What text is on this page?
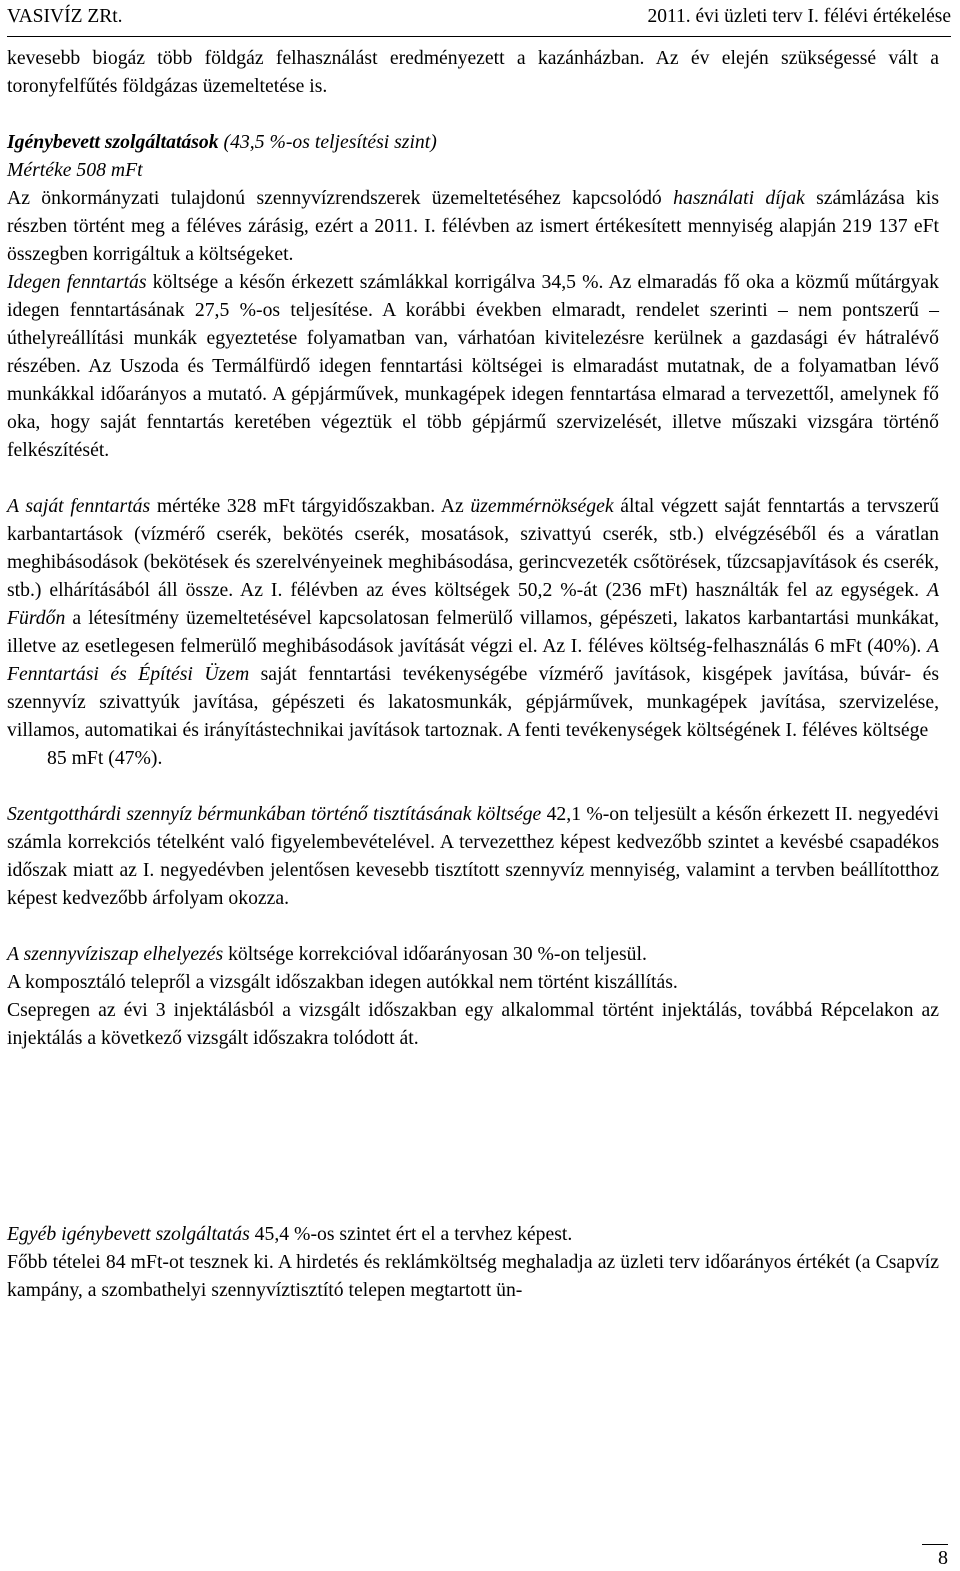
VASIVÍZ ZRt.	2011. évi üzleti terv I. félévi értékelése

kevesebb biogáz több földgáz felhasználást eredményezett a kazánházban. Az év elején szükségessé vált a toronyfelfűtés földgázas üzemeltetése is.

Igénybevett szolgáltatások (43,5 %-os teljesítési szint)

Mértéke 508 mFt

Az önkormányzati tulajdonú szennyvízrendszerek üzemeltetéséhez kapcsolódó használati díjak számlázása kis részben történt meg a féléves zárásig, ezért a 2011. I. félévben az ismert értékesített mennyiség alapján 219 137 eFt összegben korrigáltuk a költségeket.

Idegen fenntartás költsége a későn érkezett számlákkal korrigálva 34,5 %. Az elmaradás fő oka a közmű műtárgyak idegen fenntartásának 27,5 %-os teljesítése. A korábbi években elmaradt, rendelet szerinti – nem pontszerű – úthelyreállítási munkák egyeztetése folyamatban van, várhatóan kivitelezésre kerülnek a gazdasági év hátralévő részében. Az Uszoda és Termálfürdő idegen fenntartási költségei is elmaradást mutatnak, de a folyamatban lévő munkákkal időarányos a mutató. A gépjárművek, munkagépek idegen fenntartása elmarad a tervezettől, amelynek fő oka, hogy saját fenntartás keretében végeztük el több gépjármű szervizelését, illetve műszaki vizsgára történő felkészítését.

A saját fenntartás mértéke 328 mFt tárgyidőszakban. Az üzemmérnökségek által végzett saját fenntartás a tervszerű karbantartások (vízmérő cserék, bekötés cserék, mosatások, szivattyú cserék, stb.) elvégzéséből és a váratlan meghibásodások (bekötések és szerelvényeinek meghibásodása, gerincvezeték csőtörések, tűzcsapjavítások és cserék, stb.) elhárításából áll össze. Az I. félévben az éves költségek 50,2 %-át (236 mFt) használták fel az egységek. A Fürdőn a létesítmény üzemeltetésével kapcsolatosan felmerülő villamos, gépészeti, lakatos karbantartási munkákat, illetve az esetlegesen felmerülő meghibásodások javítását végzi el. Az I. féléves költség-felhasználás 6 mFt (40%). A Fenntartási és Építési Üzem saját fenntartási tevékenységébe vízmérő javítások, kisgépek javítása, búvár- és szennyvíz szivattyúk javítása, gépészeti és lakatosmunkák, gépjárművek, munkagépek javítása, szervizelése, villamos, automatikai és irányítástechnikai javítások tartoznak. A fenti tevékenységek költségének I. féléves költsége

85 mFt (47%).

Szentgotthárdi szennyíz bérmunkában történő tisztításának költsége 42,1 %-on teljesült a későn érkezett II. negyedévi számla korrekciós tételként való figyelembevételével. A tervezetthez képest kedvezőbb szintet a kevésbé csapadékos időszak miatt az I. negyedévben jelentősen kevesebb tisztított szennyvíz mennyiség, valamint a tervben beállítotthoz képest kedvezőbb árfolyam okozza.

A szennyvíziszap elhelyezés költsége korrekcióval időarányosan 30 %-on teljesül.

A komposztáló telepről a vizsgált időszakban idegen autókkal nem történt kiszállítás.

Csepregen az évi 3 injektálásból a vizsgált időszakban egy alkalommal történt injektálás, továbbá Répcelakon az injektálás a következő vizsgált időszakra tolódott át.

Egyéb igénybevett szolgáltatás 45,4 %-os szintet ért el a tervhez képest.

Főbb tételei 84 mFt-ot tesznek ki. A hirdetés és reklámköltség meghaladja az üzleti terv időarányos értékét (a Csapvíz kampány, a szombathelyi szennyvíztisztító telepen megtartott ün-

8
